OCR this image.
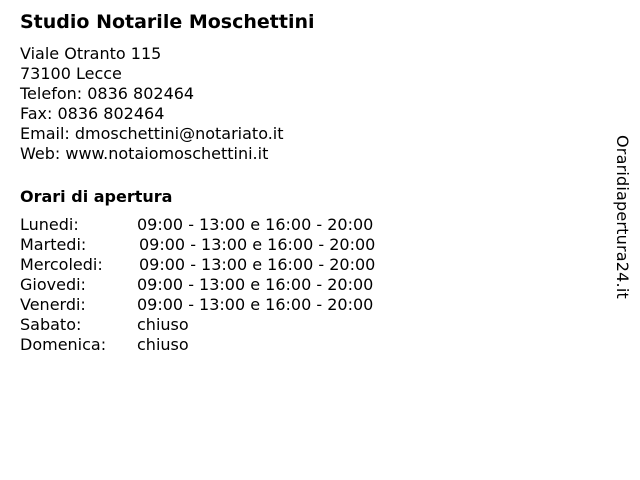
Studio Notarile Moschettini
Viale Otranto 115
73100 Lecce
Telefon: 0836 802464
Fax: 0836 802464
Email: dmoschettini@notariato.it
Web: www.notaiomoschettini.it
Orari di apertura
Lunedi:	09:00 - 13:00 e 16:00 - 20:00
Martedi:	09:00 - 13:00 e 16:00 - 20:00
Mercoledi:	09:00 - 13:00 e 16:00 - 20:00
Giovedi:	09:00 - 13:00 e 16:00 - 20:00
Venerdi:	09:00 - 13:00 e 16:00 - 20:00
Sabato:	chiuso
Domenica:	chiuso
Oraridiapertura24.it
